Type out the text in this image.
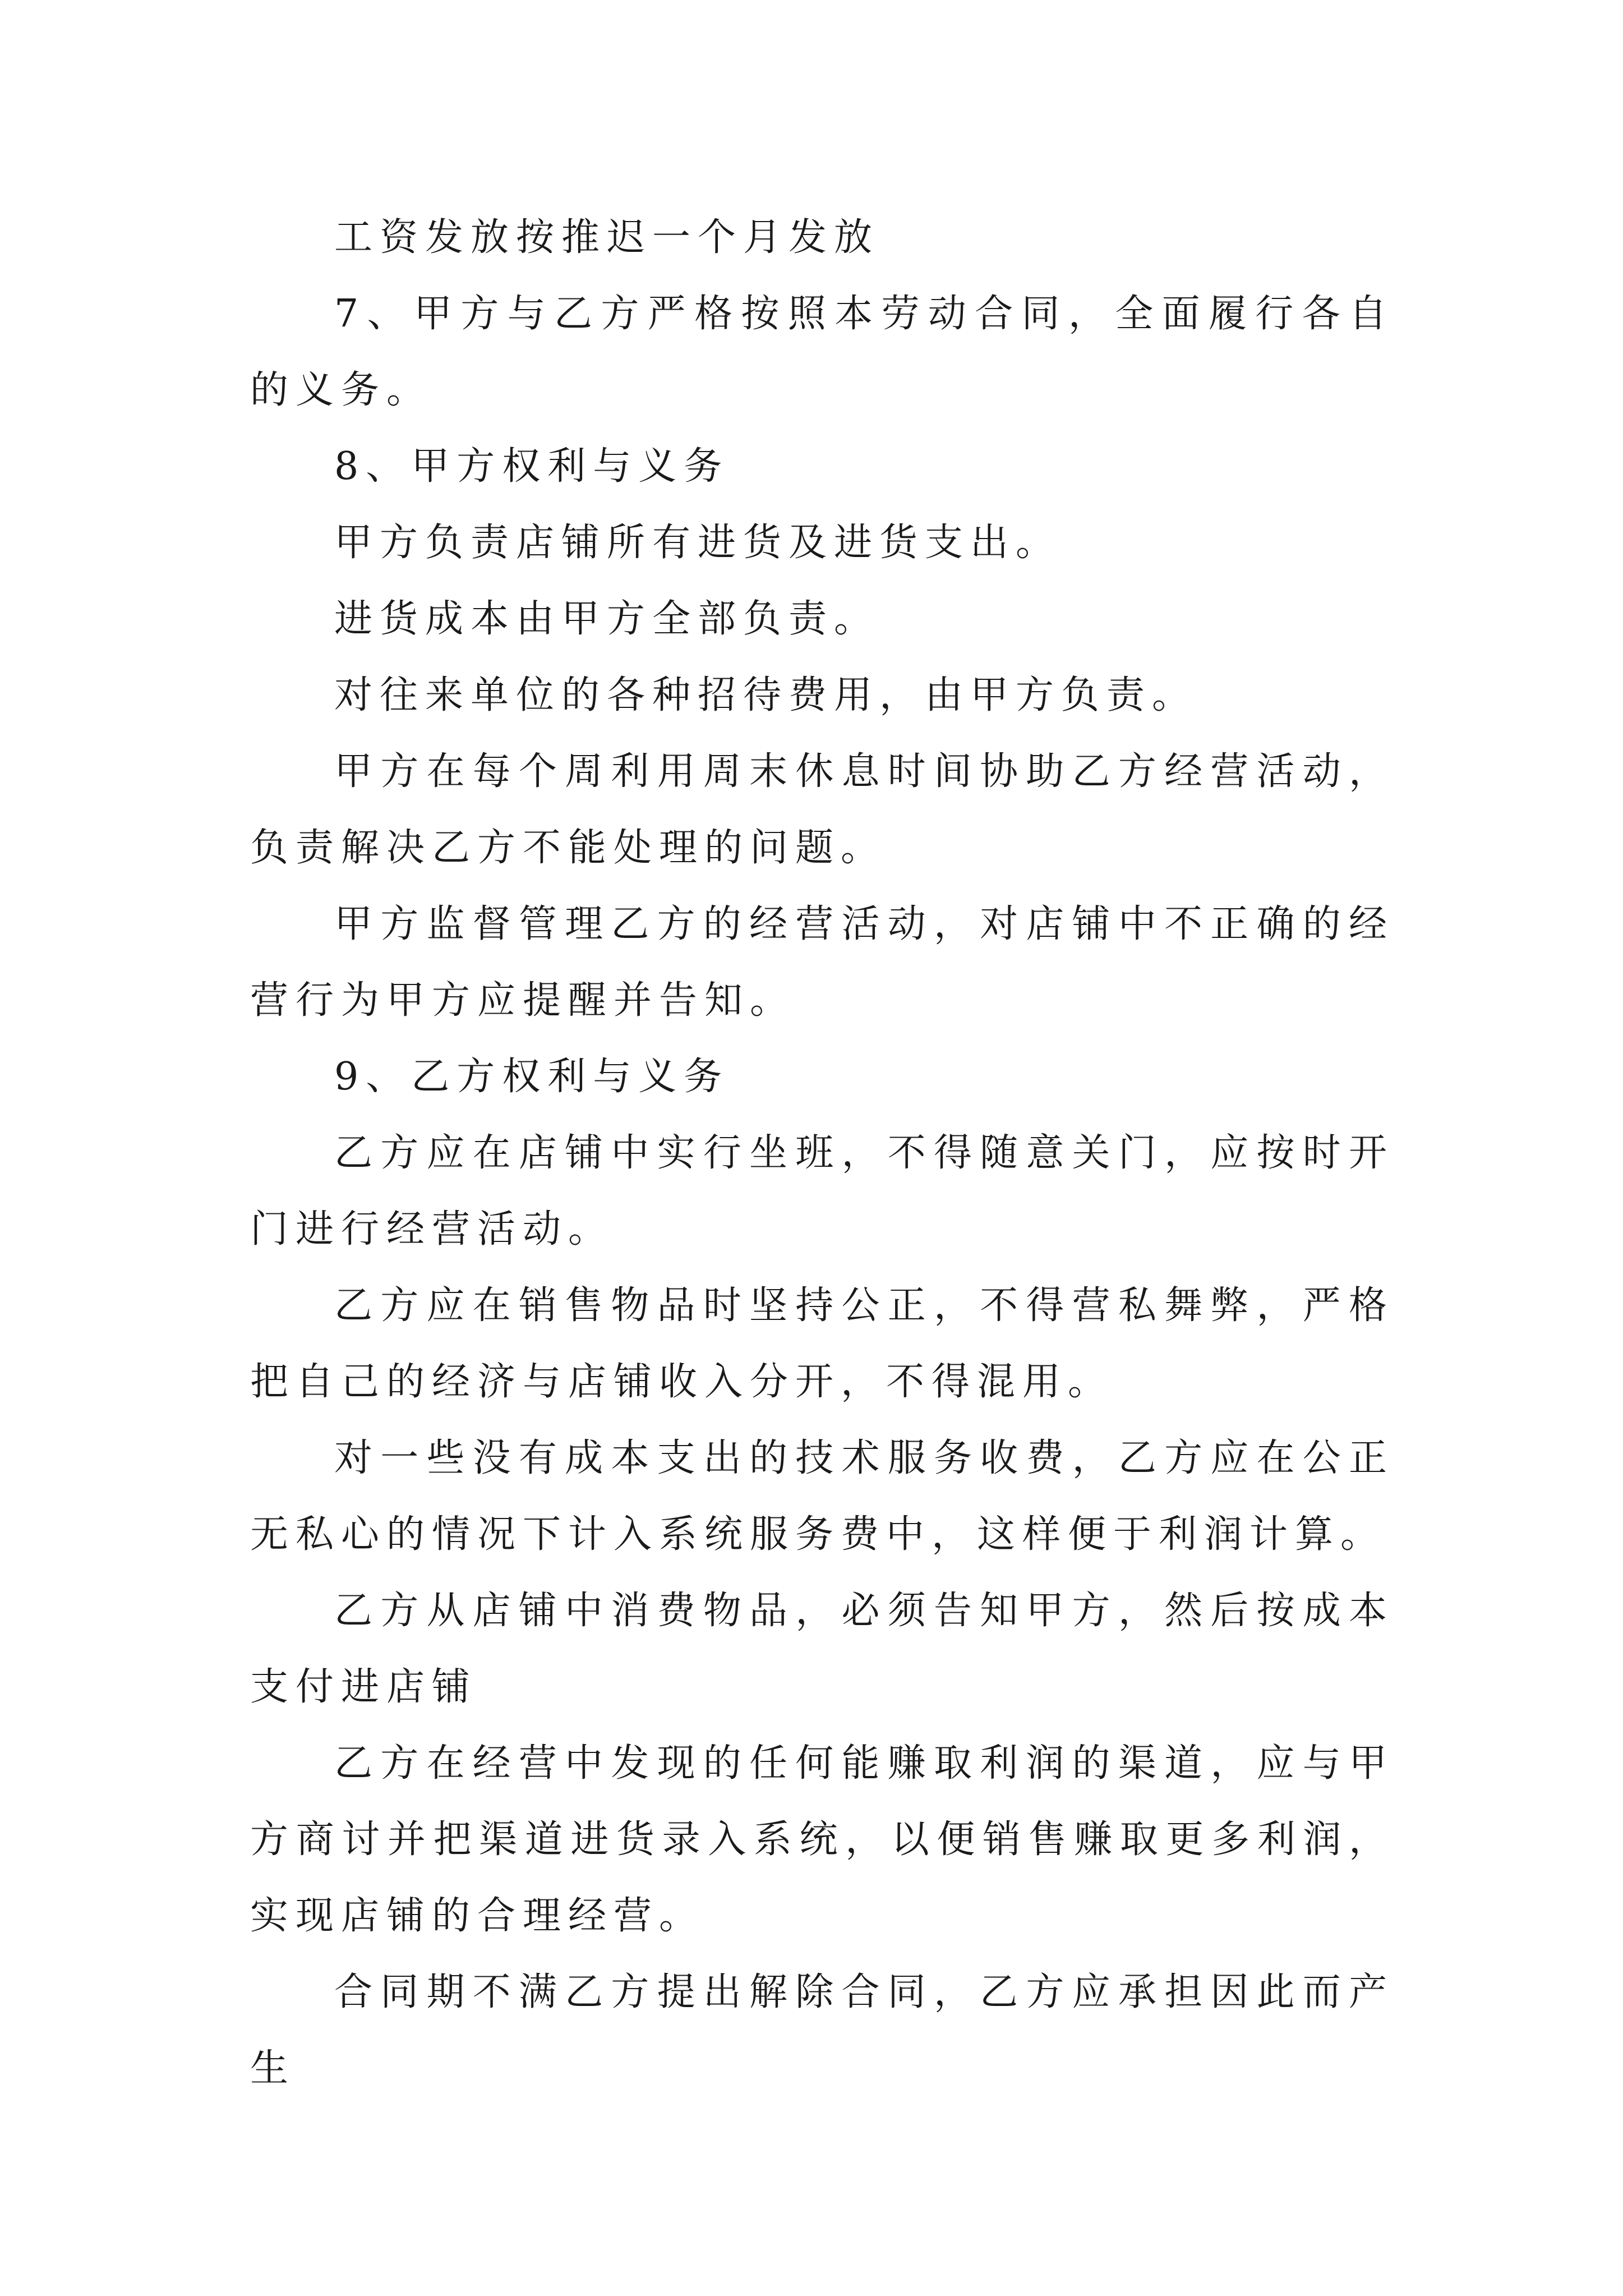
工资发放按推迟一个月发放

7、甲方与乙方严格按照本劳动合同，全面履行各自的义务。

8、甲方权利与义务

甲方负责店铺所有进货及进货支出。

进货成本由甲方全部负责。

对往来单位的各种招待费用，由甲方负责。

甲方在每个周利用周末休息时间协助乙方经营活动，负责解决乙方不能处理的问题。

甲方监督管理乙方的经营活动，对店铺中不正确的经营行为甲方应提醒并告知。

9、乙方权利与义务

乙方应在店铺中实行坐班，不得随意关门，应按时开门进行经营活动。

乙方应在销售物品时坚持公正，不得营私舞弊，严格把自己的经济与店铺收入分开，不得混用。

对一些没有成本支出的技术服务收费，乙方应在公正无私心的情况下计入系统服务费中，这样便于利润计算。

乙方从店铺中消费物品，必须告知甲方，然后按成本支付进店铺

乙方在经营中发现的任何能赚取利润的渠道，应与甲方商讨并把渠道进货录入系统，以便销售赚取更多利润，实现店铺的合理经营。

合同期不满乙方提出解除合同，乙方应承担因此而产生
